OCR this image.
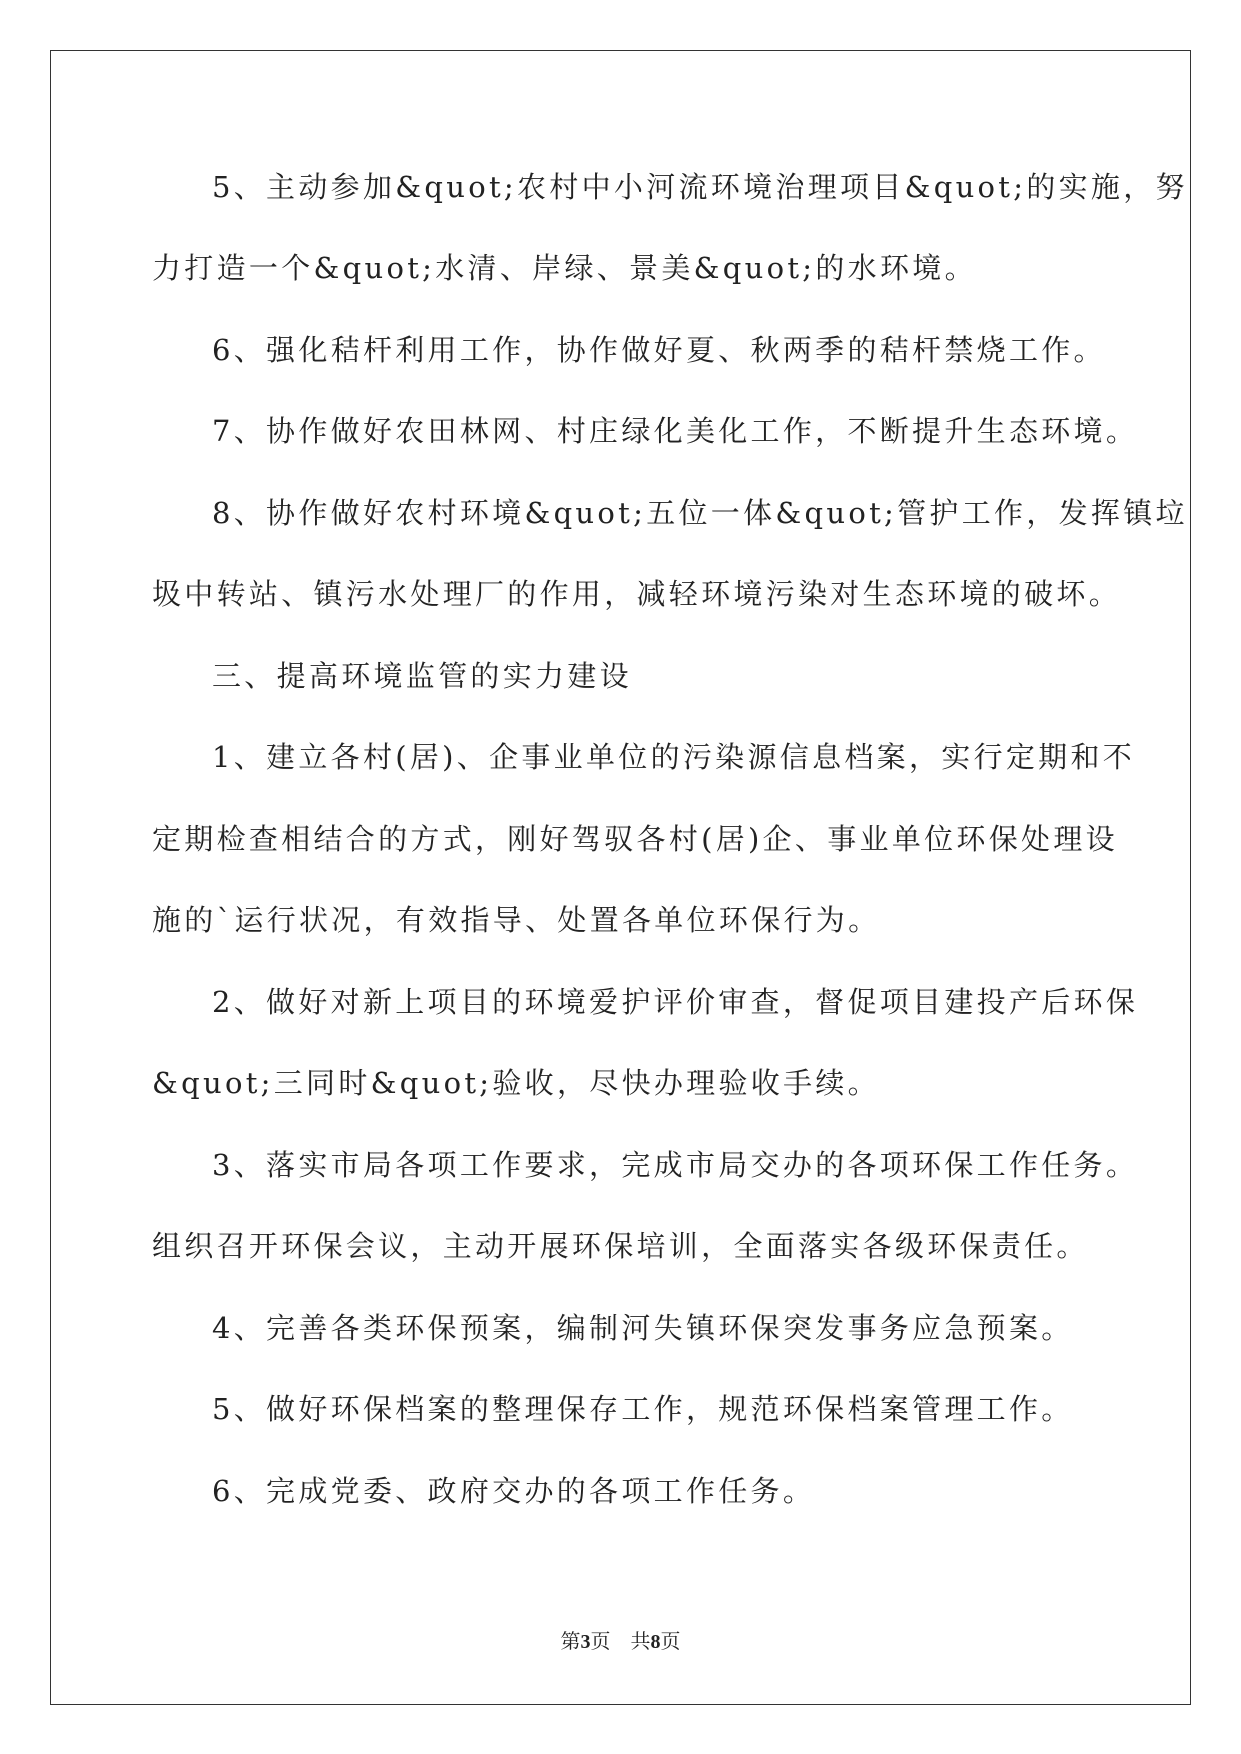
5、主动参加&quot;农村中小河流环境治理项目&quot;的实施，努
力打造一个&quot;水清、岸绿、景美&quot;的水环境。
6、强化秸杆利用工作，协作做好夏、秋两季的秸杆禁烧工作。
7、协作做好农田林网、村庄绿化美化工作，不断提升生态环境。
8、协作做好农村环境&quot;五位一体&quot;管护工作，发挥镇垃
圾中转站、镇污水处理厂的作用，减轻环境污染对生态环境的破坏。
三、提高环境监管的实力建设
1、建立各村(居)、企事业单位的污染源信息档案，实行定期和不
定期检查相结合的方式，刚好驾驭各村(居)企、事业单位环保处理设
施的`运行状况，有效指导、处置各单位环保行为。
2、做好对新上项目的环境爱护评价审查，督促项目建投产后环保
&quot;三同时&quot;验收，尽快办理验收手续。
3、落实市局各项工作要求，完成市局交办的各项环保工作任务。
组织召开环保会议，主动开展环保培训，全面落实各级环保责任。
4、完善各类环保预案，编制河失镇环保突发事务应急预案。
5、做好环保档案的整理保存工作，规范环保档案管理工作。
6、完成党委、政府交办的各项工作任务。
第3页　共8页
